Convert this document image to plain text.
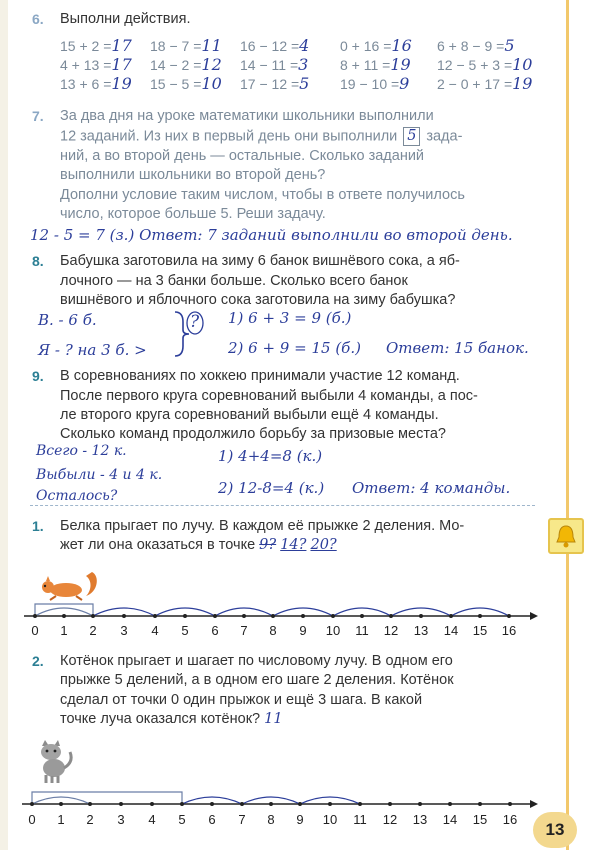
6. Выполни действия.
15 + 2 =17 18 − 7 =11 16 − 12 =4 0 + 16 =16 6 + 8 − 9 =5
4 + 13 =17 14 − 2 =12 14 − 11 =3 8 + 11 =19 12 − 5 + 3 =10
13 + 6 =19 15 − 5 =10 17 − 12 =5 19 − 10 =9 2 − 0 + 17 =19
7. За два дня на уроке математики школьники выполнили
12 заданий. Из них в первый день они выполнили 5 зада-
ний, а во второй день — остальные. Сколько заданий
выполнили школьники во второй день?
Дополни условие таким числом, чтобы в ответе получилось
число, которое больше 5. Реши задачу.
12 - 5 = 7 (з.) Ответ: 7 заданий выполнили во второй день.
8. Бабушка заготовила на зиму 6 банок вишнёвого сока, а яб-
лочного — на 3 банки больше. Сколько всего банок
вишнёвого и яблочного сока заготовила на зиму бабушка?
В. - 6 б.
Я - ? на 3 б. >
? 1) 6 + 3 = 9 (б.)
2) 6 + 9 = 15 (б.) Ответ: 15 банок.
9. В соревнованиях по хоккею принимали участие 12 команд.
После первого круга соревнований выбыли 4 команды, а пос-
ле второго круга соревнований выбыли ещё 4 команды.
Сколько команд продолжило борьбу за призовые места?
Всего - 12 к.
Выбыли - 4 и 4 к.
Осталось?
1) 4+4=8 (к.)
2) 12-8=4 (к.) Ответ: 4 команды.
1. Белка прыгает по лучу. В каждом её прыжке 2 деления. Мо-
жет ли она оказаться в точке 9? 14? 20?
0	1	2	3	4	5	6	7	8	9	10 11 12 13 14 15 16
2. Котёнок прыгает и шагает по числовому лучу. В одном его
прыжке 5 делений, а в одном его шаге 2 деления. Котёнок
сделал от точки 0 один прыжок и ещё 3 шага. В какой
точке луча оказался котёнок? 11
0	1	2	3	4	5	6	7	8	9	10 11 12 13 14 15 16
13
